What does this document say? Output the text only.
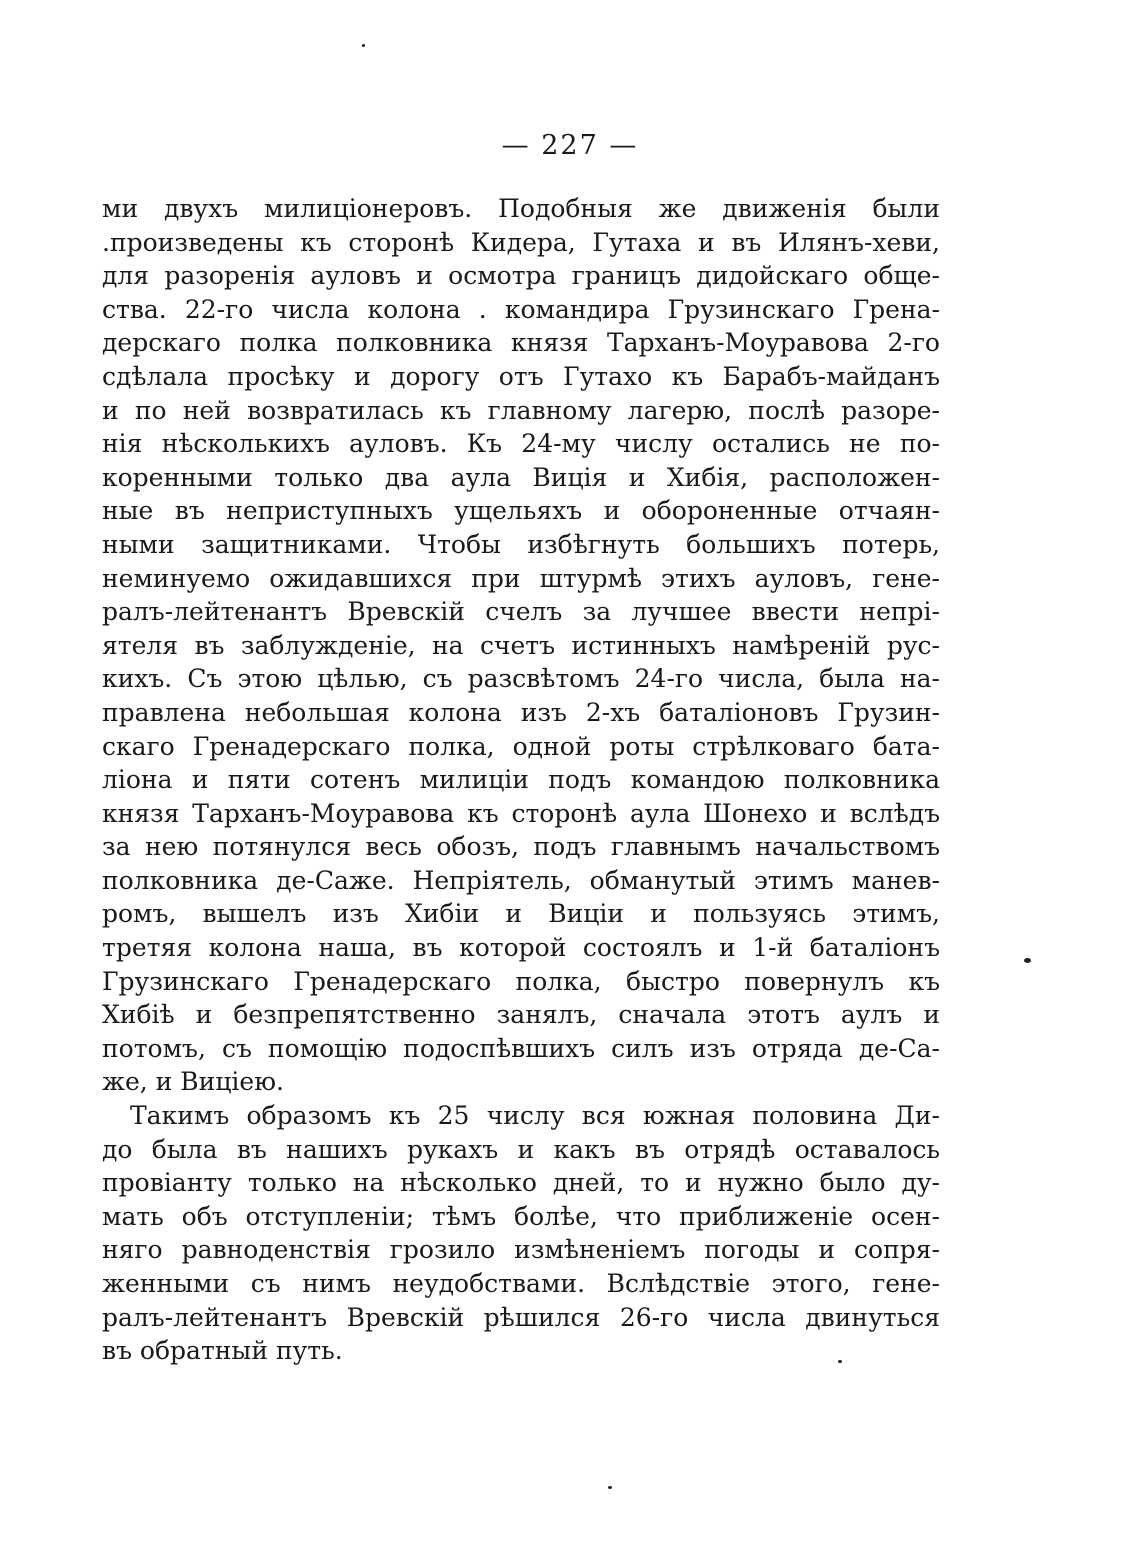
— 227 —
ми двухъ милиціонеровъ. Подобныя же движенія были
.произведены къ сторонѣ Кидера, Гутаха и въ Илянъ-хеви,
для разоренія ауловъ и осмотра границъ дидойскаго обще-
ства. 22-го числа колона . командира Грузинскаго Грена-
дерскаго полка полковника князя Тарханъ-Моуравова 2-го
сдѣлала просѣку и дорогу отъ Гутахо къ Барабъ-майданъ
и по ней возвратилась къ главному лагерю, послѣ разоре-
нія нѣсколькихъ ауловъ. Къ 24-му числу остались не по-
коренными только два аула Виція и Хибія, расположен-
ные въ неприступныхъ ущельяхъ и обороненные отчаян-
ными защитниками. Чтобы избѣгнуть большихъ потерь,
неминуемо ожидавшихся при штурмѣ этихъ ауловъ, гене-
ралъ-лейтенантъ Вревскій счелъ за лучшее ввести непрі-
ятеля въ заблужденіе, на счетъ истинныхъ намѣреній рус-
кихъ. Съ этою цѣлью, съ разсвѣтомъ 24-го числа, была на-
правлена небольшая колона изъ 2-хъ баталіоновъ Грузин-
скаго Гренадерскаго полка, одной роты стрѣлковаго бата-
ліона и пяти сотенъ милиціи подъ командою полковника
князя Тарханъ-Моуравова къ сторонѣ аула Шонехо и вслѣдъ
за нею потянулся весь обозъ, подъ главнымъ начальствомъ
полковника де-Саже. Непріятель, обманутый этимъ манев-
ромъ, вышелъ изъ Хибіи и Виціи и пользуясь этимъ,
третяя колона наша, въ которой состоялъ и 1-й баталіонъ
Грузинскаго Гренадерскаго полка, быстро повернулъ къ
Хибіѣ и безпрепятственно занялъ, сначала этотъ аулъ и
потомъ, съ помощію подоспѣвшихъ силъ изъ отряда де-Са-
же, и Виціею.
Такимъ образомъ къ 25 числу вся южная половина Ди-
до была въ нашихъ рукахъ и какъ въ отрядѣ оставалось
провіанту только на нѣсколько дней, то и нужно было ду-
мать объ отступленіи; тѣмъ болѣе, что приближеніе осен-
няго равноденствія грозило измѣненіемъ погоды и сопря-
женными съ нимъ неудобствами. Вслѣдствіе этого, гене-
ралъ-лейтенантъ Вревскій рѣшился 26-го числа двинуться
въ обратный путь.
